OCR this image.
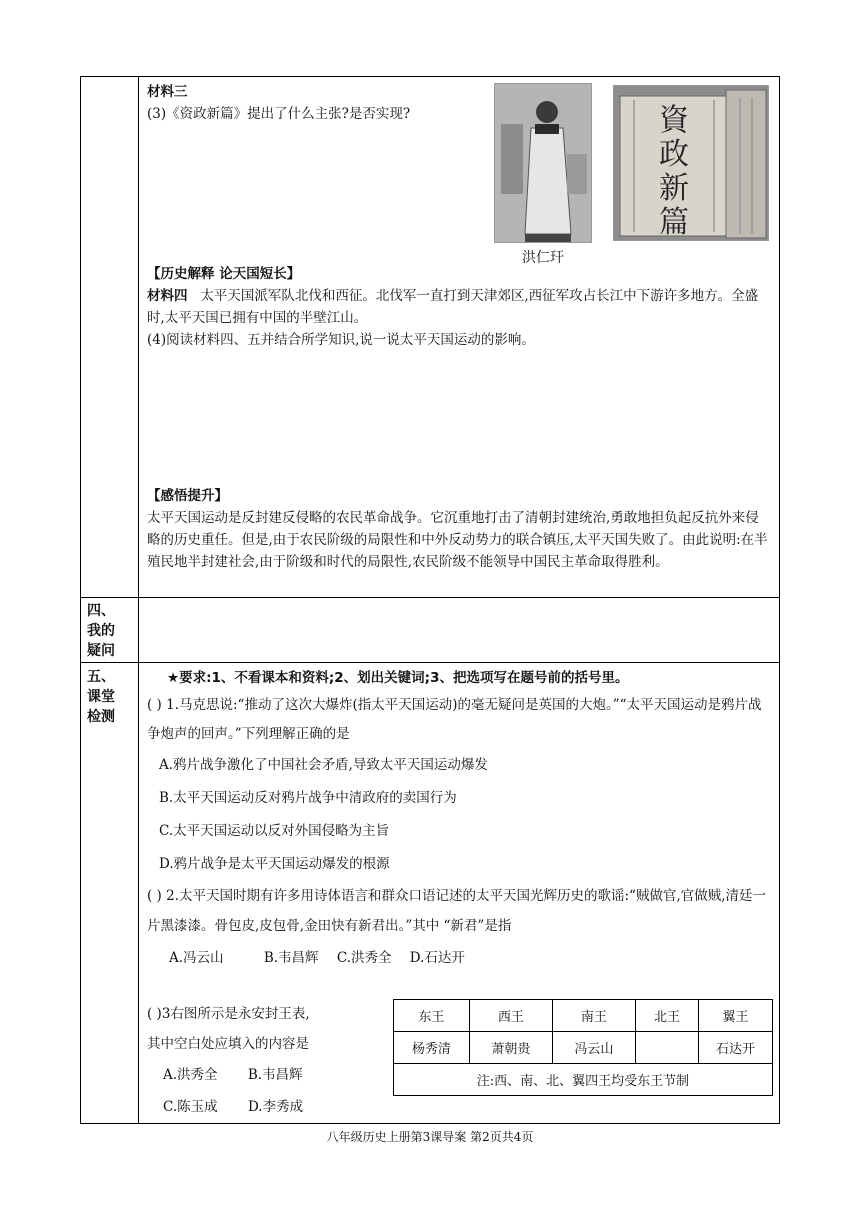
材料三
(3)《资政新篇》提出了什么主张?是否实现?
洪仁玕
資政新篇
【历史解释 论天国短长】
材料四 太平天国派军队北伐和西征。北伐军一直打到天津郊区,西征军攻占长江中下游许多地方。全盛时,太平天国已拥有中国的半壁江山。
(4)阅读材料四、五并结合所学知识,说一说太平天国运动的影响。
【感悟提升】
太平天国运动是反封建反侵略的农民革命战争。它沉重地打击了清朝封建统治,勇敢地担负起反抗外来侵略的历史重任。但是,由于农民阶级的局限性和中外反动势力的联合镇压,太平天国失败了。由此说明:在半殖民地半封建社会,由于阶级和时代的局限性,农民阶级不能领导中国民主革命取得胜利。
四、
我的
疑问
五、
课堂
检测
★要求:1、不看课本和资料;2、划出关键词;3、把选项写在题号前的括号里。
( ) 1.马克思说:“推动了这次大爆炸(指太平天国运动)的毫无疑问是英国的大炮。”“太平天国运动是鸦片战争炮声的回声。”下列理解正确的是
A.鸦片战争激化了中国社会矛盾,导致太平天国运动爆发
B.太平天国运动反对鸦片战争中清政府的卖国行为
C.太平天国运动以反对外国侵略为主旨
D.鸦片战争是太平天国运动爆发的根源
( ) 2.太平天国时期有许多用诗体语言和群众口语记述的太平天国光辉历史的歌谣:“贼做官,官做贼,清廷一片黑漆漆。骨包皮,皮包骨,金田快有新君出。”其中 “新君”是指
A.冯云山	B.韦昌辉 C.洪秀全 D.石达开
( )3右图所示是永安封王表,
其中空白处应填入的内容是
A.洪秀全 B.韦昌辉
C.陈玉成 D.李秀成
东王	西王	南王	北王	翼王
杨秀清	萧朝贵	冯云山		石达开
注:西、南、北、翼四王均受东王节制				
八年级历史上册第3课导案 第2页共4页
